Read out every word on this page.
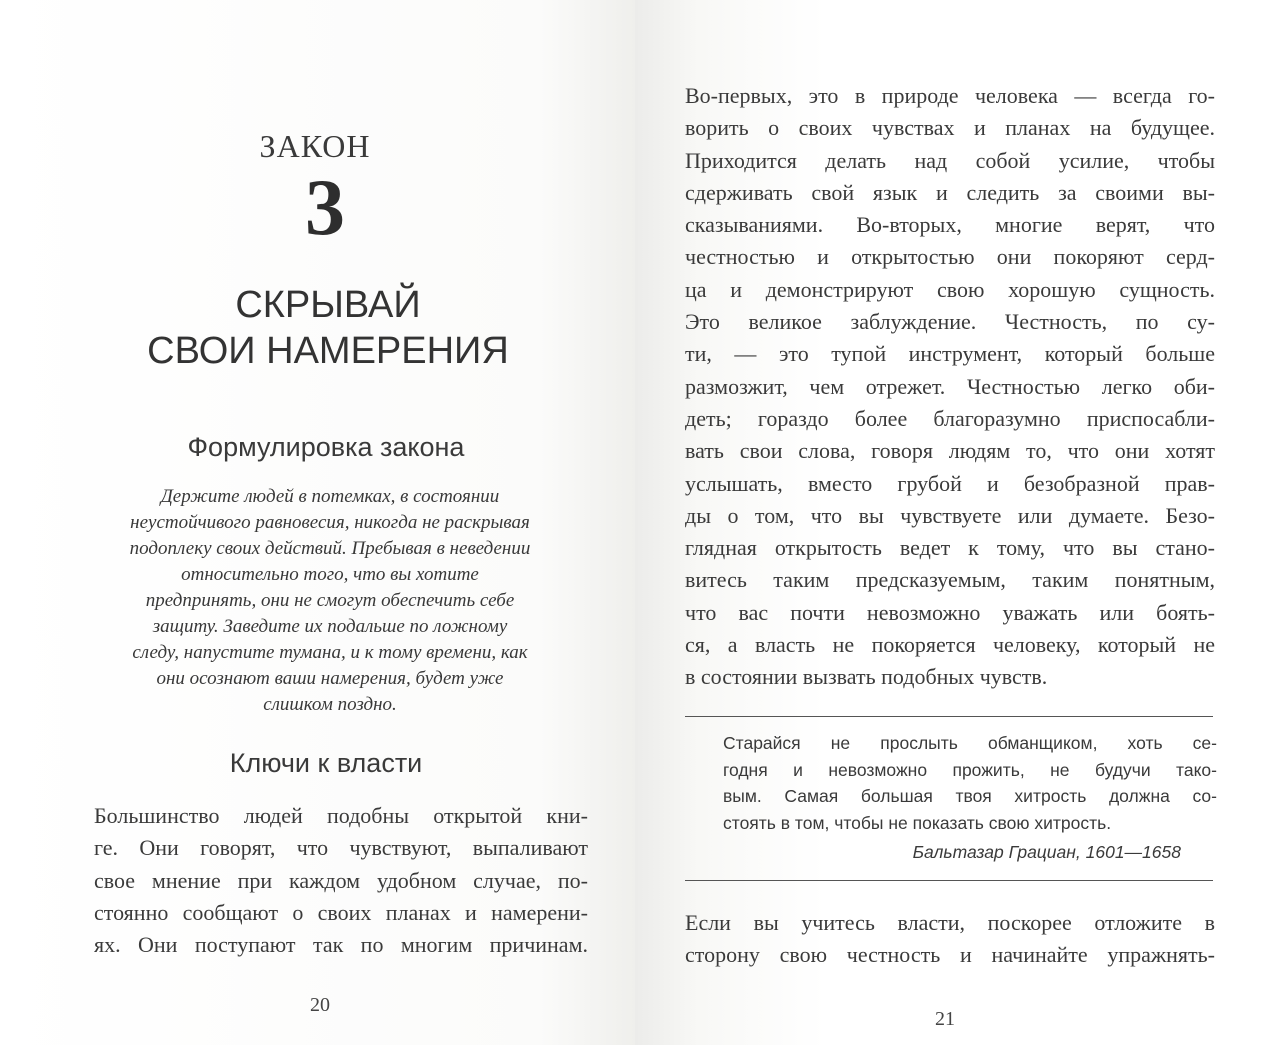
ЗАКОН
3
СКРЫВАЙ
СВОИ НАМЕРЕНИЯ
Формулировка закона
Держите людей в потемках, в состоянии
неустойчивого равновесия, никогда не раскрывая
подоплеку своих действий. Пребывая в неведении
относительно того, что вы хотите
предпринять, они не смогут обеспечить себе
защиту. Заведите их подальше по ложному
следу, напустите тумана, и к тому времени, как
они осознают ваши намерения, будет уже
слишком поздно.
Ключи к власти
Большинство людей подобны открытой кни-
ге. Они говорят, что чувствуют, выпаливают
свое мнение при каждом удобном случае, по-
стоянно сообщают о своих планах и намерени-
ях. Они поступают так по многим причинам.
20
Во-первых, это в природе человека — всегда го-
ворить о своих чувствах и планах на будущее.
Приходится делать над собой усилие, чтобы
сдерживать свой язык и следить за своими вы-
сказываниями. Во-вторых, многие верят, что
честностью и открытостью они покоряют серд-
ца и демонстрируют свою хорошую сущность.
Это великое заблуждение. Честность, по су-
ти, — это тупой инструмент, который больше
размозжит, чем отрежет. Честностью легко оби-
деть; гораздо более благоразумно приспосабли-
вать свои слова, говоря людям то, что они хотят
услышать, вместо грубой и безобразной прав-
ды о том, что вы чувствуете или думаете. Безо-
глядная открытость ведет к тому, что вы стано-
витесь таким предсказуемым, таким понятным,
что вас почти невозможно уважать или боять-
ся, а власть не покоряется человеку, который не
в состоянии вызвать подобных чувств.
Старайся не прослыть обманщиком, хоть се-
годня и невозможно прожить, не будучи тако-
вым. Самая большая твоя хитрость должна со-
стоять в том, чтобы не показать свою хитрость.
Бальтазар Грациан, 1601—1658
Если вы учитесь власти, поскорее отложите в
сторону свою честность и начинайте упражнять-
21
